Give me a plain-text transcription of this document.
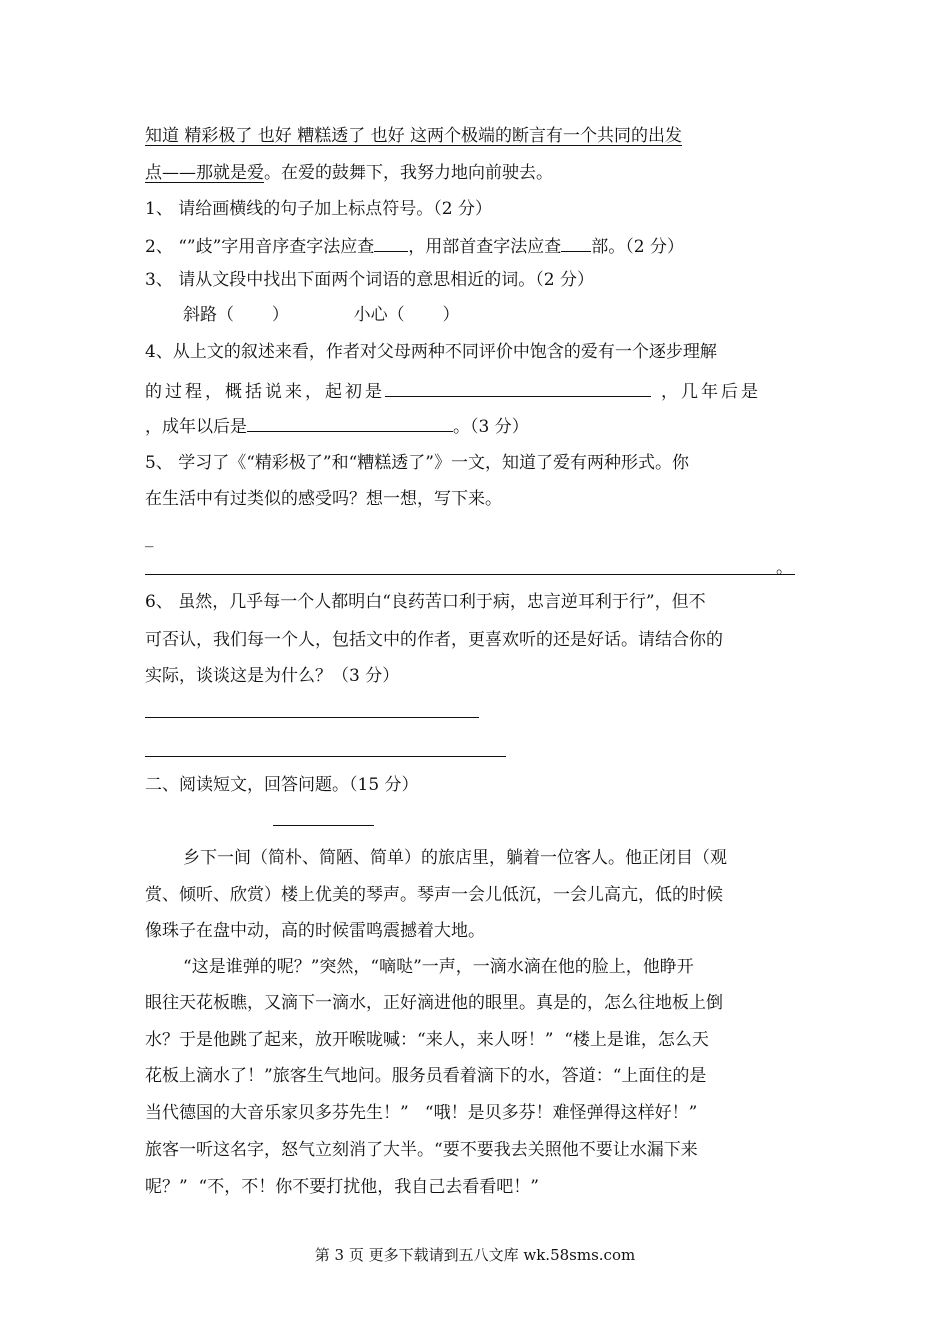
知道 精彩极了 也好 糟糕透了 也好 这两个极端的断言有一个共同的出发
点——那就是爱。在爱的鼓舞下，我努力地向前驶去。
1、 请给画横线的句子加上标点符号。（2 分）
2、 “”歧”字用音序查字法应查 ，用部首查字法应查 部。（2 分）
3、 请从文段中找出下面两个词语的意思相近的词。（2 分）
斜路（       ）            小心（       ）
4、从上文的叙述来看，作者对父母两种不同评价中饱含的爱有一个逐步理解
的过程，概括说来，起初是	，几年后是
，成年以后是	。（3 分）
5、 学习了《“精彩极了”和“糟糕透了”》一文，知道了爱有两种形式。你
在生活中有过类似的感受吗？想一想，写下来。
_
。
6、 虽然，几乎每一个人都明白“良药苦口利于病，忠言逆耳利于行”，但不
可否认，我们每一个人，包括文中的作者，更喜欢听的还是好话。请结合你的
实际，谈谈这是为什么？（3 分）
二、阅读短文，回答问题。（15 分）
乡下一间（简朴、简陋、简单）的旅店里，躺着一位客人。他正闭目（观
赏、倾听、欣赏）楼上优美的琴声。琴声一会儿低沉，一会儿高亢，低的时候
像珠子在盘中动，高的时候雷鸣震撼着大地。
“这是谁弹的呢？”突然，“嘀哒”一声，一滴水滴在他的脸上，他睁开
眼往天花板瞧，又滴下一滴水，正好滴进他的眼里。真是的，怎么往地板上倒
水？于是他跳了起来，放开喉咙喊：“来人，来人呀！”  “楼上是谁，怎么天
花板上滴水了！”旅客生气地问。服务员看着滴下的水，答道：“上面住的是
当代德国的大音乐家贝多芬先生！”   “哦！是贝多芬！难怪弹得这样好！”
旅客一听这名字，怒气立刻消了大半。“要不要我去关照他不要让水漏下来
呢？”  “不，不！你不要打扰他，我自己去看看吧！”
第 3 页 更多下载请到五八文库 wk.58sms.com
